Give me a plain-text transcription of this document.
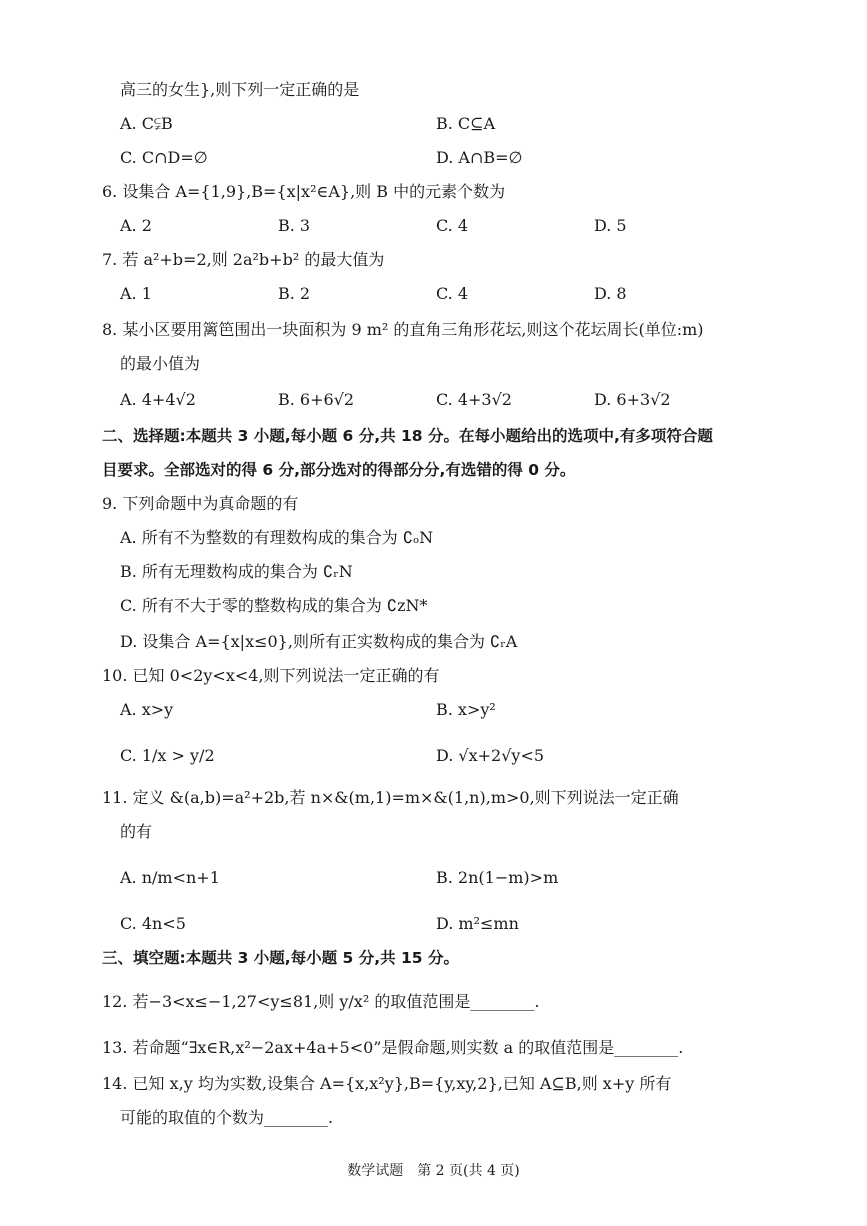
高三的女生},则下列一定正确的是
A. C⫋B	B. C⊆A
C. C∩D=∅	D. A∩B=∅
6. 设集合 A={1,9},B={x|x²∈A},则 B 中的元素个数为
A. 2	B. 3	C. 4	D. 5
7. 若 a²+b=2,则 2a²b+b² 的最大值为
A. 1	B. 2	C. 4	D. 8
8. 某小区要用篱笆围出一块面积为 9 m² 的直角三角形花坛,则这个花坛周长(单位:m)
的最小值为
A. 4+4√2	B. 6+6√2	C. 4+3√2	D. 6+3√2
二、选择题:本题共 3 小题,每小题 6 分,共 18 分。在每小题给出的选项中,有多项符合题
目要求。全部选对的得 6 分,部分选对的得部分分,有选错的得 0 分。
9. 下列命题中为真命题的有
A. 所有不为整数的有理数构成的集合为 ∁ₒN
B. 所有无理数构成的集合为 ∁ᵣN
C. 所有不大于零的整数构成的集合为 ∁ᴢN*
D. 设集合 A={x|x≤0},则所有正实数构成的集合为 ∁ᵣA
10. 已知 0<2y<x<4,则下列说法一定正确的有
A. x>y	B. x>y²
C. 1/x > y/2	D. √x+2√y<5
11. 定义 &(a,b)=a²+2b,若 n×&(m,1)=m×&(1,n),m>0,则下列说法一定正确
的有
A. n/m<n+1	B. 2n(1−m)>m
C. 4n<5	D. m²≤mn
三、填空题:本题共 3 小题,每小题 5 分,共 15 分。
12. 若−3<x≤−1,27<y≤81,则 y/x² 的取值范围是________.
13. 若命题“∃x∈R,x²−2ax+4a+5<0”是假命题,则实数 a 的取值范围是________.
14. 已知 x,y 均为实数,设集合 A={x,x²y},B={y,xy,2},已知 A⊆B,则 x+y 所有
可能的取值的个数为________.
数学试题　第 2 页(共 4 页)
